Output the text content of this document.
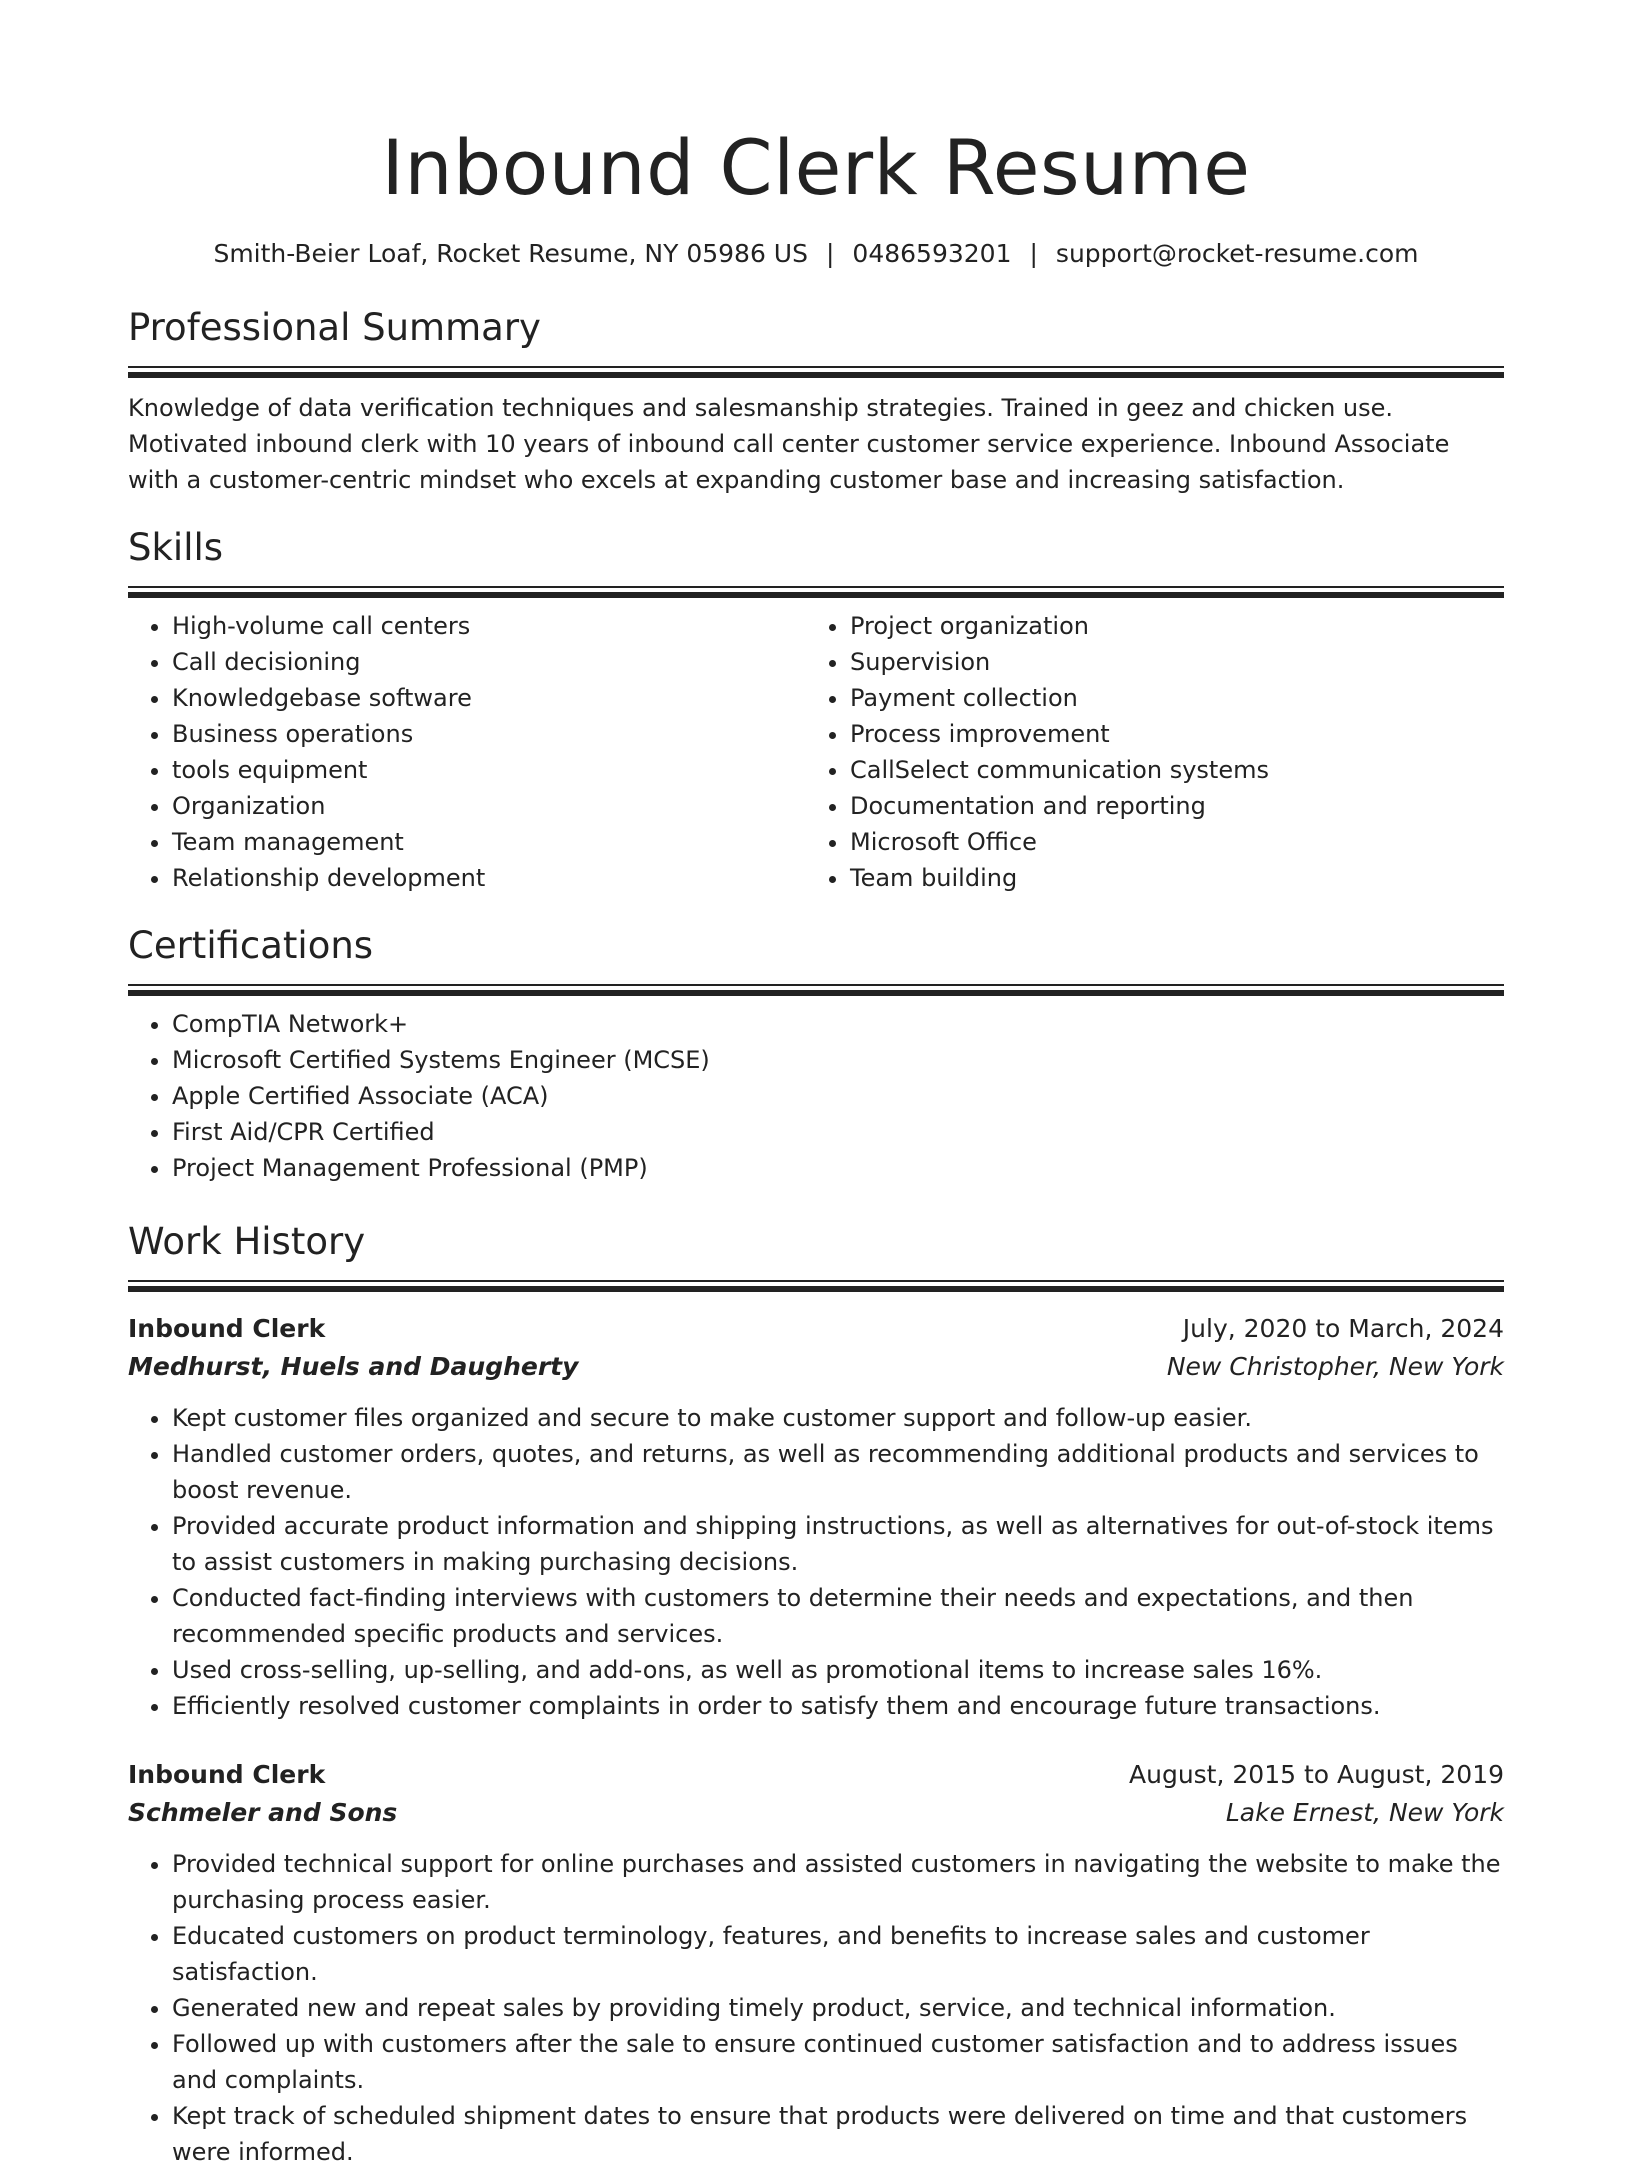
Inbound Clerk Resume
Smith-Beier Loaf, Rocket Resume, NY 05986 US | 0486593201 | support@rocket-resume.com
Professional Summary
Knowledge of data verification techniques and salesmanship strategies. Trained in geez and chicken use. Motivated inbound clerk with 10 years of inbound call center customer service experience. Inbound Associate with a customer-centric mindset who excels at expanding customer base and increasing satisfaction.
Skills
• High-volume call centers
• Call decisioning
• Knowledgebase software
• Business operations
• tools equipment
• Organization
• Team management
• Relationship development
• Project organization
• Supervision
• Payment collection
• Process improvement
• CallSelect communication systems
• Documentation and reporting
• Microsoft Office
• Team building
Certifications
• CompTIA Network+
• Microsoft Certified Systems Engineer (MCSE)
• Apple Certified Associate (ACA)
• First Aid/CPR Certified
• Project Management Professional (PMP)
Work History
Inbound Clerk	July, 2020 to March, 2024
Medhurst, Huels and Daugherty	New Christopher, New York
• Kept customer files organized and secure to make customer support and follow-up easier.
• Handled customer orders, quotes, and returns, as well as recommending additional products and services to boost revenue.
• Provided accurate product information and shipping instructions, as well as alternatives for out-of-stock items to assist customers in making purchasing decisions.
• Conducted fact-finding interviews with customers to determine their needs and expectations, and then recommended specific products and services.
• Used cross-selling, up-selling, and add-ons, as well as promotional items to increase sales 16%.
• Efficiently resolved customer complaints in order to satisfy them and encourage future transactions.
Inbound Clerk	August, 2015 to August, 2019
Schmeler and Sons	Lake Ernest, New York
• Provided technical support for online purchases and assisted customers in navigating the website to make the purchasing process easier.
• Educated customers on product terminology, features, and benefits to increase sales and customer satisfaction.
• Generated new and repeat sales by providing timely product, service, and technical information.
• Followed up with customers after the sale to ensure continued customer satisfaction and to address issues and complaints.
• Kept track of scheduled shipment dates to ensure that products were delivered on time and that customers were informed.
